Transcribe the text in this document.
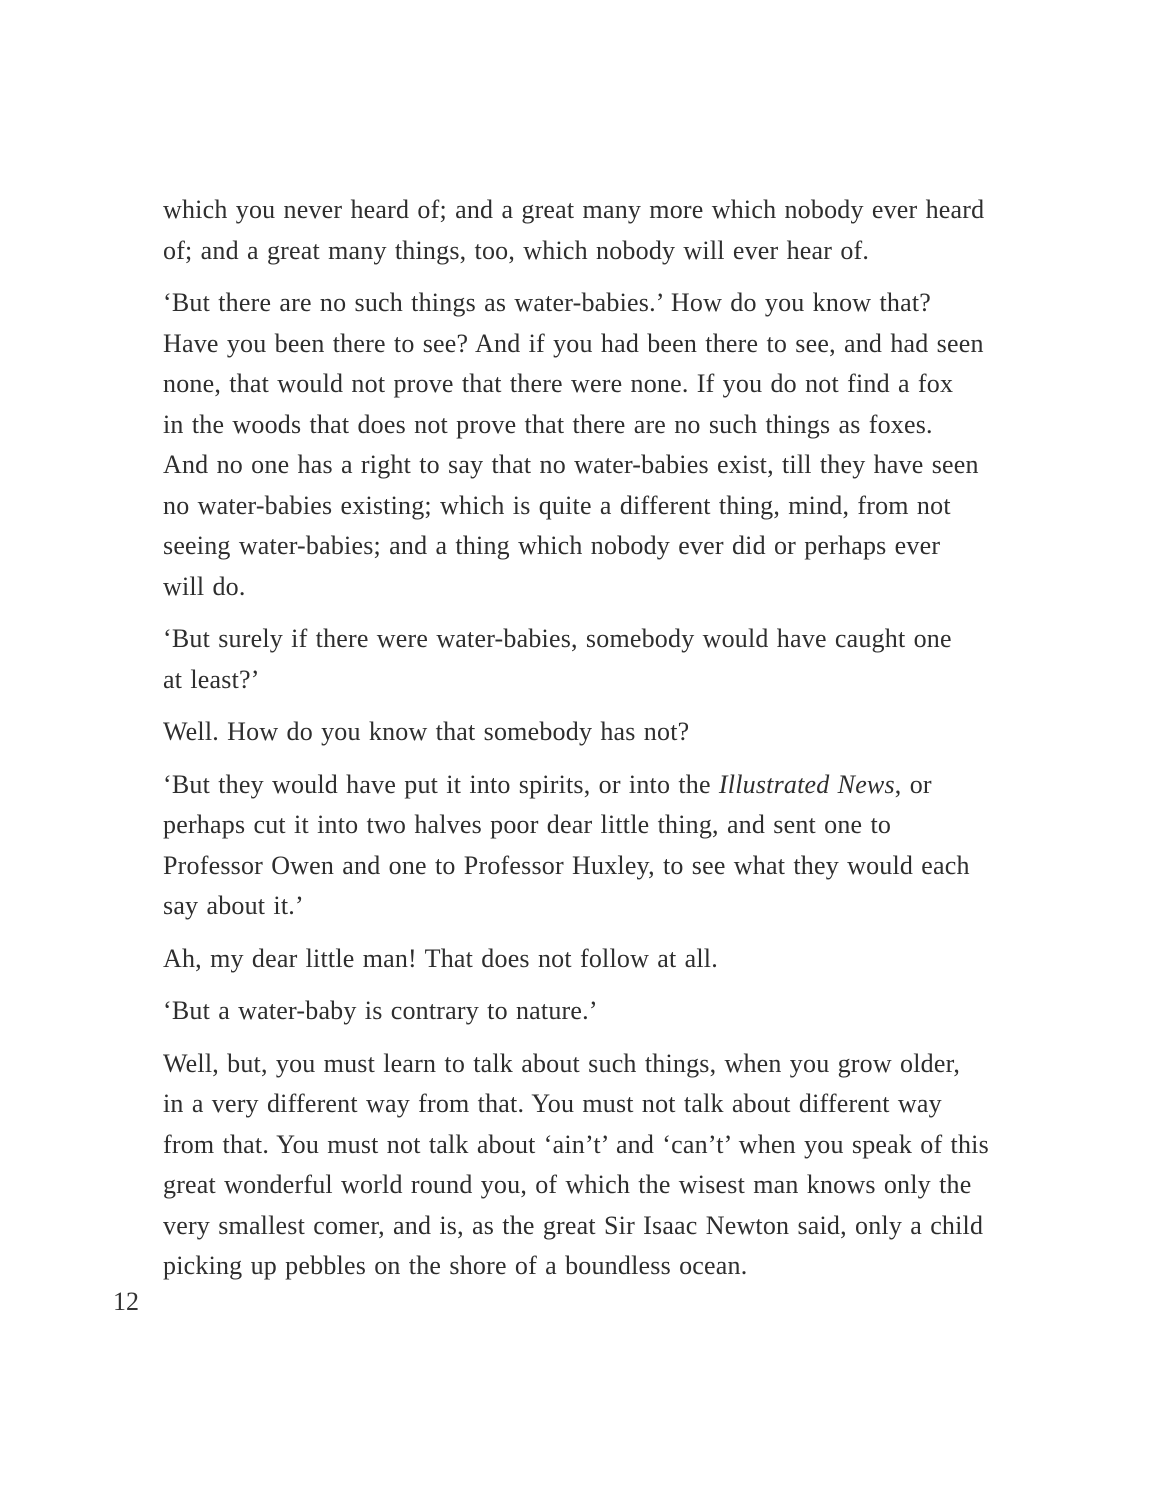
which you never heard of; and a great many more which nobody ever heard
of; and a great many things, too, which nobody will ever hear of.
‘But there are no such things as water-babies.’ How do you know that?
Have you been there to see? And if you had been there to see, and had seen
none, that would not prove that there were none. If you do not find a fox
in the woods that does not prove that there are no such things as foxes.
And no one has a right to say that no water-babies exist, till they have seen
no water-babies existing; which is quite a different thing, mind, from not
seeing water-babies; and a thing which nobody ever did or perhaps ever
will do.
‘But surely if there were water-babies, somebody would have caught one
at least?’
Well. How do you know that somebody has not?
‘But they would have put it into spirits, or into the Illustrated News, or
perhaps cut it into two halves poor dear little thing, and sent one to
Professor Owen and one to Professor Huxley, to see what they would each
say about it.’
Ah, my dear little man! That does not follow at all.
‘But a water-baby is contrary to nature.’
Well, but, you must learn to talk about such things, when you grow older,
in a very different way from that. You must not talk about different way
from that. You must not talk about ‘ain’t’ and ‘can’t’ when you speak of this
great wonderful world round you, of which the wisest man knows only the
very smallest comer, and is, as the great Sir Isaac Newton said, only a child
picking up pebbles on the shore of a boundless ocean.
12
